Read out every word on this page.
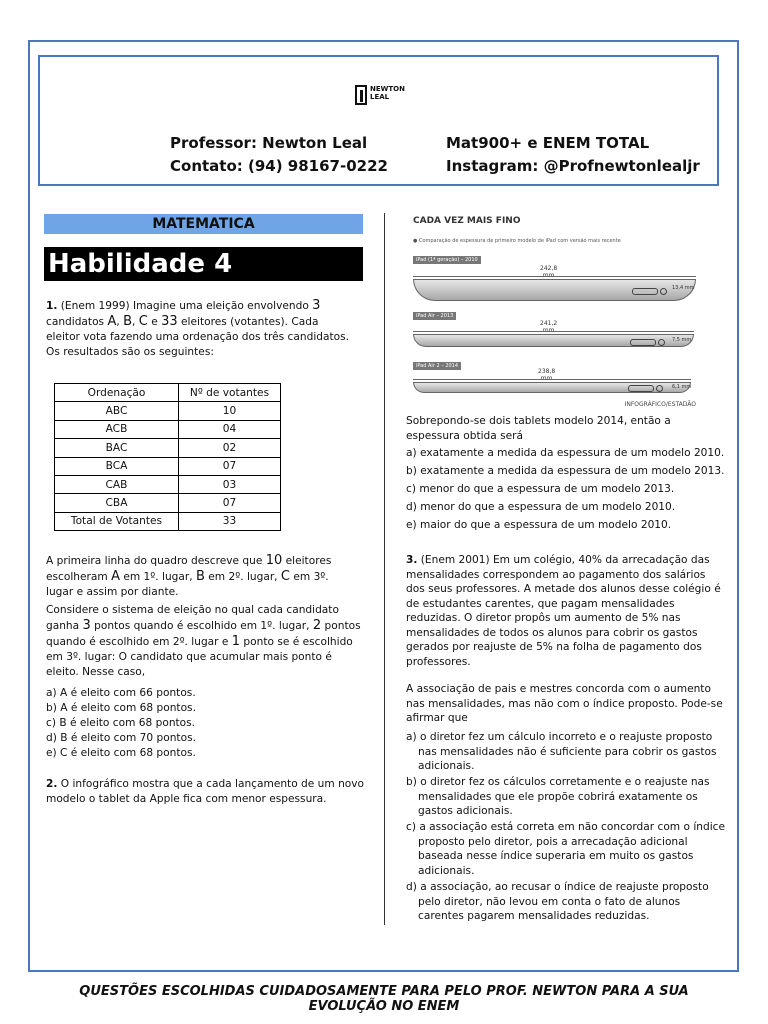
NEWTON LEAL
Professor: Newton Leal
Contato: (94) 98167-0222
Mat900+ e ENEM TOTAL
Instagram: @Profnewtonlealjr
MATEMATICA
Habilidade 4
1. (Enem 1999) Imagine uma eleição envolvendo 3
candidatos A, B, C e 33 eleitores (votantes). Cada
eleitor vota fazendo uma ordenação dos três candidatos.
Os resultados são os seguintes:
Ordenação	Nº de votantes
ABC	10
ACB	04
BAC	02
BCA	07
CAB	03
CBA	07
Total de Votantes	33
A primeira linha do quadro descreve que 10 eleitores
escolheram A em 1º. lugar, B em 2º. lugar, C em 3º.
lugar e assim por diante.
Considere o sistema de eleição no qual cada candidato
ganha 3 pontos quando é escolhido em 1º. lugar, 2 pontos
quando é escolhido em 2º. lugar e 1 ponto se é escolhido
em 3º. lugar: O candidato que acumular mais ponto é
eleito. Nesse caso,
a) A é eleito com 66 pontos.
b) A é eleito com 68 pontos.
c) B é eleito com 68 pontos.
d) B é eleito com 70 pontos.
e) C é eleito com 68 pontos.
2. O infográfico mostra que a cada lançamento de um novo
modelo o tablet da Apple fica com menor espessura.
CADA VEZ MAIS FINO
● Comparação de espessura de primeiro modelo de iPad com versão mais recente
iPad (1ª geração) – 2010
242,8

13,4 mm
iPad Air – 2013
241,2

7,5 mm
iPad Air 2 – 2014
238,8

6,1 mm
INFOGRÁFICO/ESTADÃO
Sobrepondo-se dois tablets modelo 2014, então a
espessura obtida será
a) exatamente a medida da espessura de um modelo 2010.
b) exatamente a medida da espessura de um modelo 2013.
c) menor do que a espessura de um modelo 2013.
d) menor do que a espessura de um modelo 2010.
e) maior do que a espessura de um modelo 2010.
3. (Enem 2001) Em um colégio, 40% da arrecadação das
mensalidades correspondem ao pagamento dos salários
dos seus professores. A metade dos alunos desse colégio é
de estudantes carentes, que pagam mensalidades
reduzidas. O diretor propôs um aumento de 5% nas
mensalidades de todos os alunos para cobrir os gastos
gerados por reajuste de 5% na folha de pagamento dos
professores.
A associação de pais e mestres concorda com o aumento
nas mensalidades, mas não com o índice proposto. Pode-se
afirmar que
a) o diretor fez um cálculo incorreto e o reajuste proposto
nas mensalidades não é suficiente para cobrir os gastos
adicionais.
b) o diretor fez os cálculos corretamente e o reajuste nas
mensalidades que ele propõe cobrirá exatamente os
gastos adicionais.
c) a associação está correta em não concordar com o índice
proposto pelo diretor, pois a arrecadação adicional
baseada nesse índice superaria em muito os gastos
adicionais.
d) a associação, ao recusar o índice de reajuste proposto
pelo diretor, não levou em conta o fato de alunos
carentes pagarem mensalidades reduzidas.
QUESTÕES ESCOLHIDAS CUIDADOSAMENTE PARA PELO PROF. NEWTON PARA A SUA
EVOLUÇÃO NO ENEM
